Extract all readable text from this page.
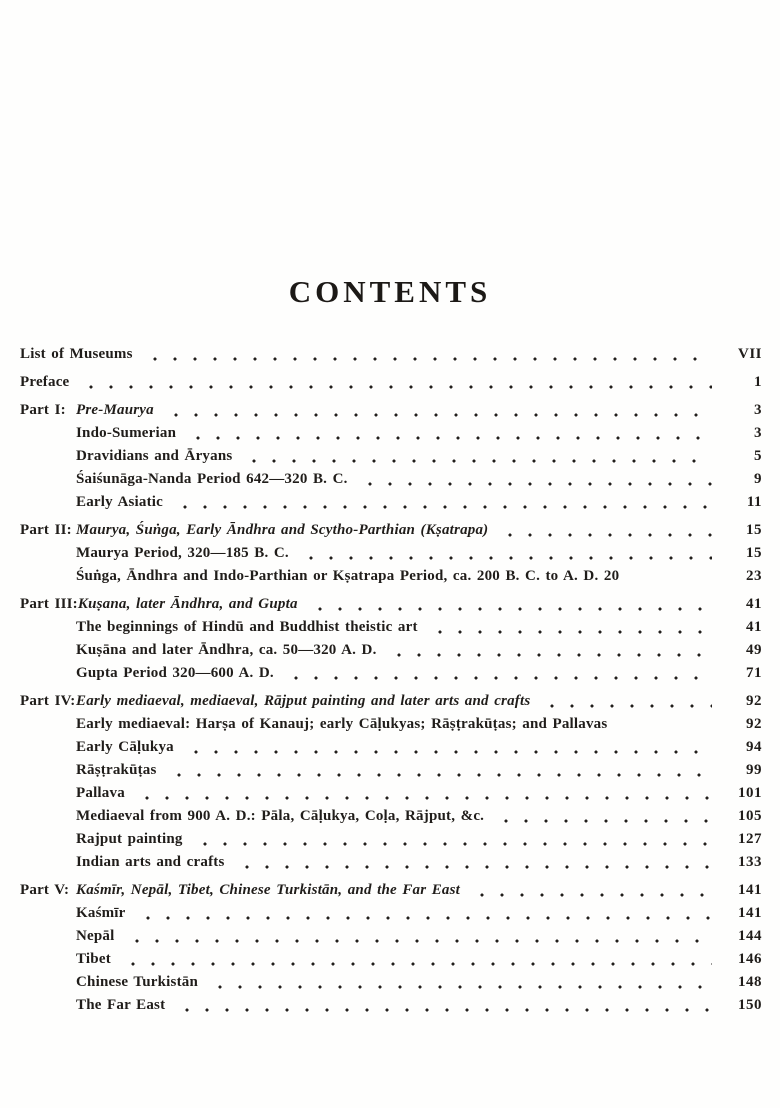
CONTENTS
List of Museums	VII
Preface	1
Part I: Pre-Maurya	3
Indo-Sumerian	3
Dravidians and Āryans	5
Śaiśunāga-Nanda Period 642—320 B. C.	9
Early Asiatic	11
Part II: Maurya, Śuṅga, Early Āndhra and Scytho-Parthian (Kṣatrapa)	15
Maurya Period, 320—185 B. C.	15
Śuṅga, Āndhra and Indo-Parthian or Kṣatrapa Period, ca. 200 B. C. to A. D. 20	23
Part III: Kuṣana, later Āndhra, and Gupta	41
The beginnings of Hindū and Buddhist theistic art	41
Kuṣāna and later Āndhra, ca. 50—320 A. D.	49
Gupta Period 320—600 A. D.	71
Part IV: Early mediaeval, mediaeval, Rājput painting and later arts and crafts	92
Early mediaeval: Harṣa of Kanauj; early Cāḷukyas; Rāṣṭrakūṭas; and Pallavas	92
Early Cāḷukya	94
Rāṣṭrakūṭas	99
Pallava	101
Mediaeval from 900 A. D.: Pāla, Cāḷukya, Coḷa, Rājput, &c.	105
Rajput painting	127
Indian arts and crafts	133
Part V: Kaśmīr, Nepāl, Tibet, Chinese Turkistān, and the Far East	141
Kaśmīr	141
Nepāl	144
Tibet	146
Chinese Turkistān	148
The Far East	150
